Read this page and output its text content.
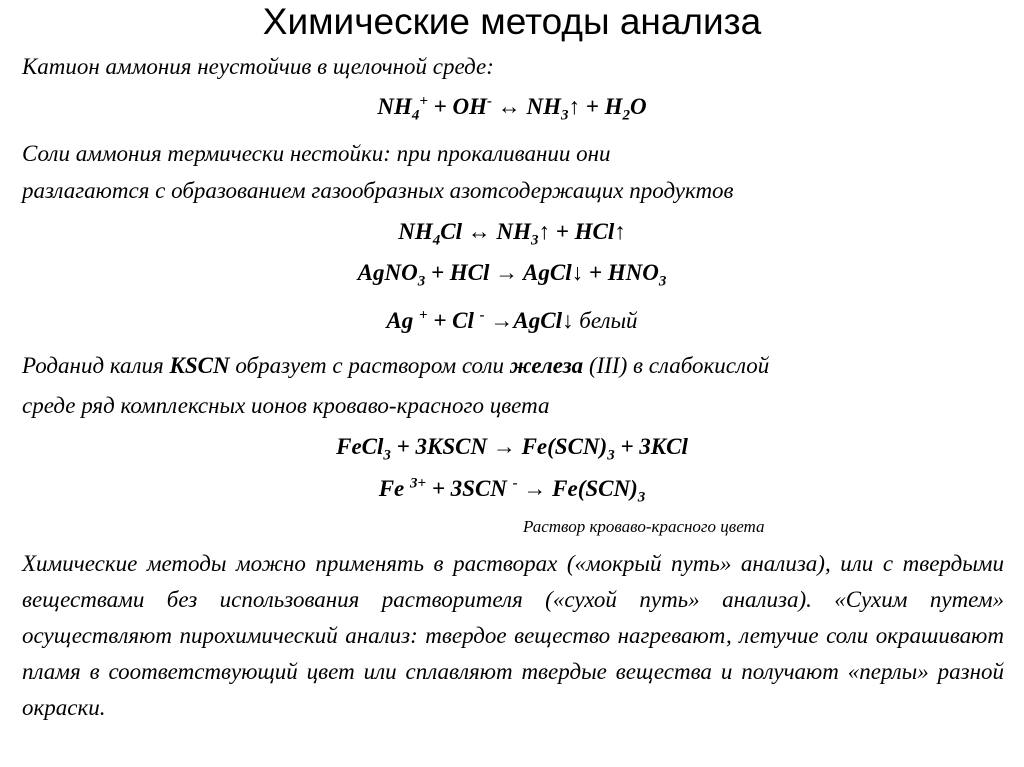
Химические методы анализа
Катион аммония неустойчив в щелочной среде:
$NH_4^+ + OH^-$ ↔ $NH_3↑ + H_2O$
Соли аммония термически нестойки: при прокаливании они
разлагаются с образованием газообразных азотсодержащих продуктов
$NH_4Cl$ ↔ $NH_3↑$ + HCl↑
AgNO$_3$ + HCl → AgCl↓ + $HNO_3$
Ag + + Cl - →AgCl↓ белый
Роданид калия KSCN образует с раствором соли железа (III) в слабокислой
среде ряд комплексных ионов кроваво-красного цвета
FeCl$_3$ + 3KSCN → $Fe(SCN)_3 + 3KCl$
Fe $^{3+}$ + 3SCN $^- \to Fe(SCN)_3$
Раствор кроваво-красного цвета
Химические методы можно применять в растворах («мокрый путь» анализа), или с твердыми веществами без использования растворителя («сухой путь» анализа). «Сухим путем» осуществляют пирохимический анализ: твердое вещество нагревают, летучие соли окрашивают пламя в соответствующий цвет или сплавляют твердые вещества и получают «перлы» разной окраски.
